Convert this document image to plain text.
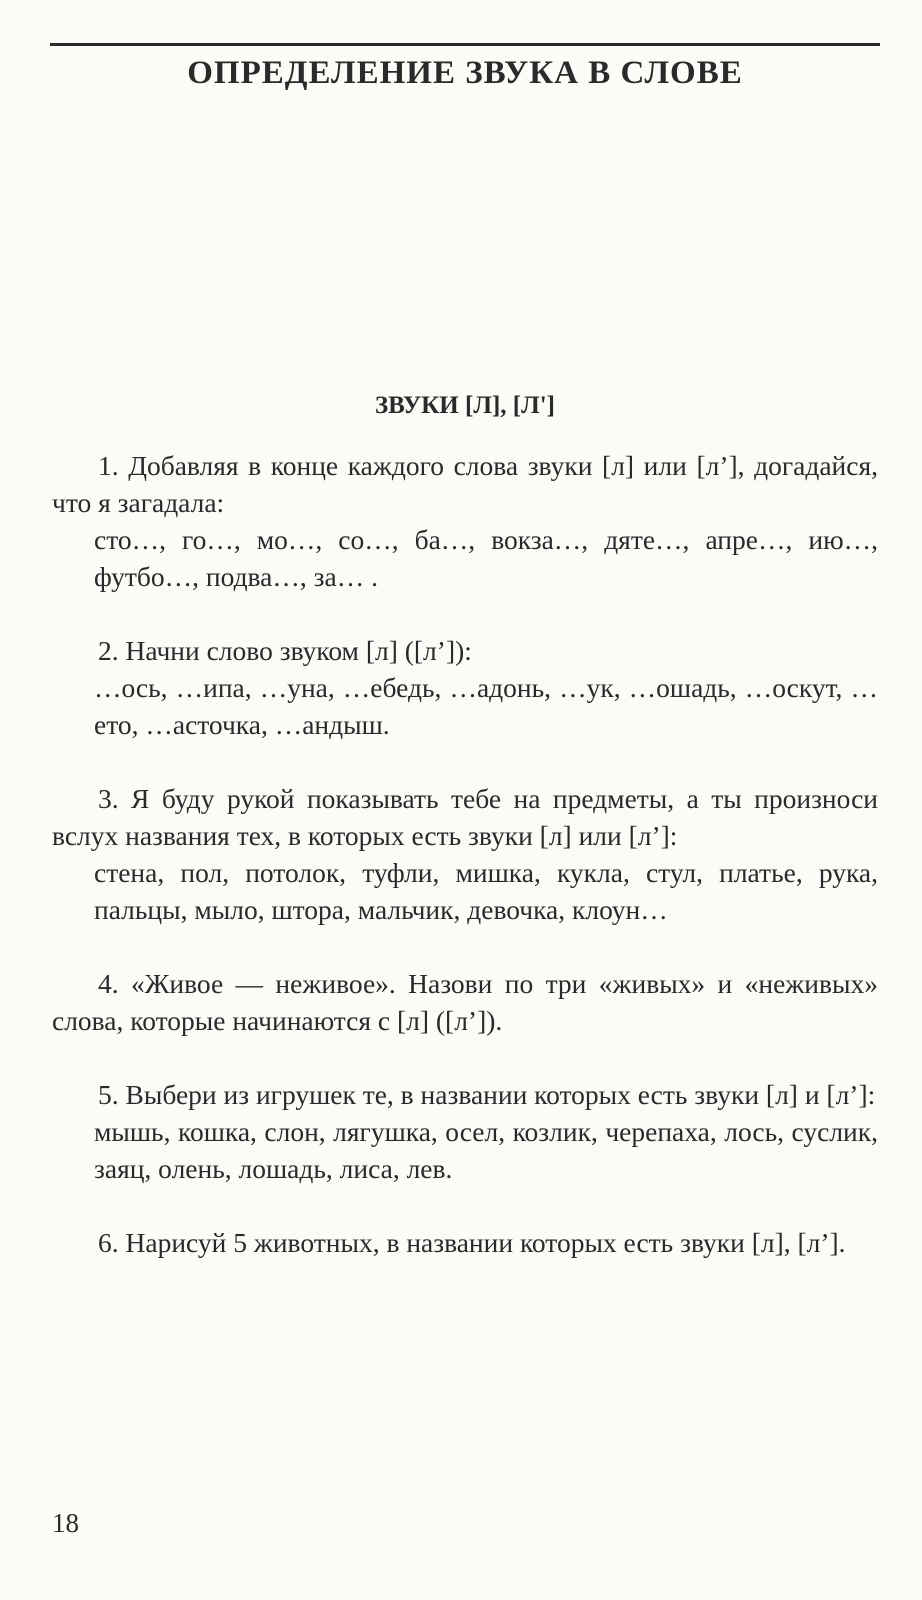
ОПРЕДЕЛЕНИЕ ЗВУКА В СЛОВЕ
ЗВУКИ [Л], [Л']
1. Добавляя в конце каждого слова звуки [л] или [л’], догадайся, что я загадала:
сто…, го…, мо…, со…, ба…, вокза…, дяте…, апре…, ию…, футбо…, подва…, за… .
2. Начни слово звуком [л] ([л’]):
…ось, …ипа, …уна, …ебедь, …адонь, …ук, …ошадь, …оскут, …ето, …асточка, …андыш.
3. Я буду рукой показывать тебе на предметы, а ты произноси вслух названия тех, в которых есть звуки [л] или [л’]:
стена, пол, потолок, туфли, мишка, кукла, стул, платье, рука, пальцы, мыло, штора, мальчик, девочка, клоун…
4. «Живое — неживое». Назови по три «живых» и «неживых» слова, которые начинаются с [л] ([л’]).
5. Выбери из игрушек те, в названии которых есть звуки [л] и [л’]:
мышь, кошка, слон, лягушка, осел, козлик, черепаха, лось, суслик, заяц, олень, лошадь, лиса, лев.
6. Нарисуй 5 животных, в названии которых есть звуки [л], [л’].
18
